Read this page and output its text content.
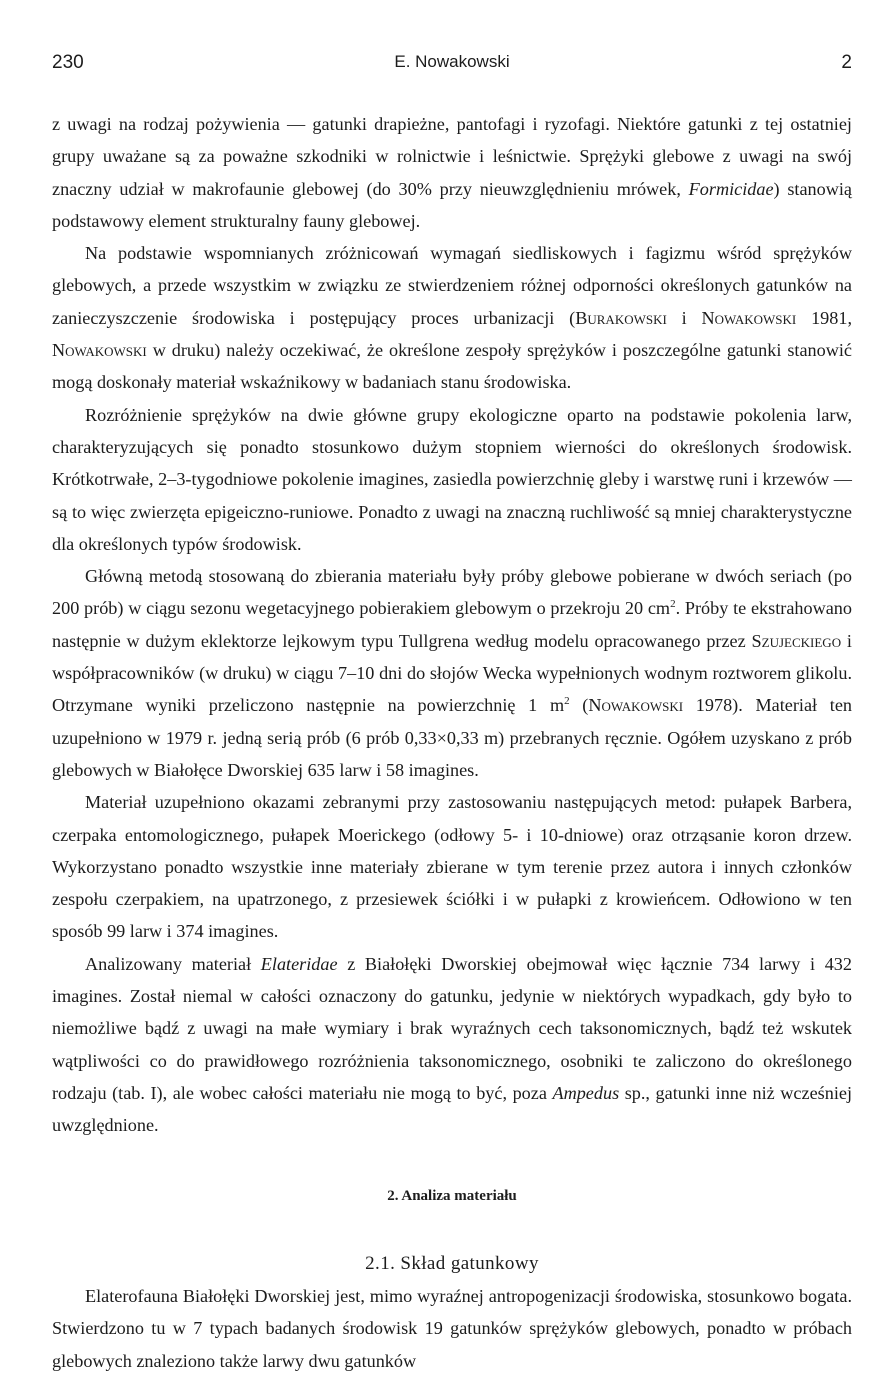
230	E. Nowakowski	2

z uwagi na rodzaj pożywienia — gatunki drapieżne, pantofagi i ryzofagi. Niektóre gatunki z tej ostatniej grupy uważane są za poważne szkodniki w rolnictwie i leśnictwie. Sprężyki glebowe z uwagi na swój znaczny udział w makrofaunie glebowej (do 30% przy nieuwzględnieniu mrówek, Formicidae) stanowią podstawowy element strukturalny fauny glebowej.

Na podstawie wspomnianych zróżnicowań wymagań siedliskowych i fagizmu wśród sprężyków glebowych, a przede wszystkim w związku ze stwierdzeniem różnej odporności określonych gatunków na zanieczyszczenie środowiska i postępujący proces urbanizacji (Burakowski i Nowakowski 1981, Nowakowski w druku) należy oczekiwać, że określone zespoły sprężyków i poszczególne gatunki stanowić mogą doskonały materiał wskaźnikowy w badaniach stanu środowiska.

Rozróżnienie sprężyków na dwie główne grupy ekologiczne oparto na podstawie pokolenia larw, charakteryzujących się ponadto stosunkowo dużym stopniem wierności do określonych środowisk. Krótkotrwałe, 2–3-tygodniowe pokolenie imagines, zasiedla powierzchnię gleby i warstwę runi i krzewów — są to więc zwierzęta epigeiczno-runiowe. Ponadto z uwagi na znaczną ruchliwość są mniej charakterystyczne dla określonych typów środowisk.

Główną metodą stosowaną do zbierania materiału były próby glebowe pobierane w dwóch seriach (po 200 prób) w ciągu sezonu wegetacyjnego pobierakiem glebowym o przekroju 20 $cm^2$. Próby te ekstrahowano następnie w dużym eklektorze lejkowym typu Tullgrena według modelu opracowanego przez Szujeckiego i współpracowników (w druku) w ciągu 7–10 dni do słojów Wecka wypełnionych wodnym roztworem glikolu. Otrzymane wyniki przeliczono następnie na powierzchnię 1 $m^2$ (Nowakowski 1978). Materiał ten uzupełniono w 1979 r. jedną serią prób (6 prób 0,33×0,33 m) przebranych ręcznie. Ogółem uzyskano z prób glebowych w Białołęce Dworskiej 635 larw i 58 imagines.

Materiał uzupełniono okazami zebranymi przy zastosowaniu następujących metod: pułapek Barbera, czerpaka entomologicznego, pułapek Moerickego (odłowy 5- i 10-dniowe) oraz otrząsanie koron drzew. Wykorzystano ponadto wszystkie inne materiały zbierane w tym terenie przez autora i innych członków zespołu czerpakiem, na upatrzonego, z przesiewek ściółki i w pułapki z krowieńcem. Odłowiono w ten sposób 99 larw i 374 imagines.

Analizowany materiał Elateridae z Białołęki Dworskiej obejmował więc łącznie 734 larwy i 432 imagines. Został niemal w całości oznaczony do gatunku, jedynie w niektórych wypadkach, gdy było to niemożliwe bądź z uwagi na małe wymiary i brak wyraźnych cech taksonomicznych, bądź też wskutek wątpliwości co do prawidłowego rozróżnienia taksonomicznego, osobniki te zaliczono do określonego rodzaju (tab. I), ale wobec całości materiału nie mogą to być, poza Ampedus sp., gatunki inne niż wcześniej uwzględnione.

2. Analiza materiału
2.1. Skład gatunkowy

Elaterofauna Białołęki Dworskiej jest, mimo wyraźnej antropogenizacji środowiska, stosunkowo bogata. Stwierdzono tu w 7 typach badanych środowisk 19 gatunków sprężyków glebowych, ponadto w próbach glebowych znaleziono także larwy dwu gatunków
